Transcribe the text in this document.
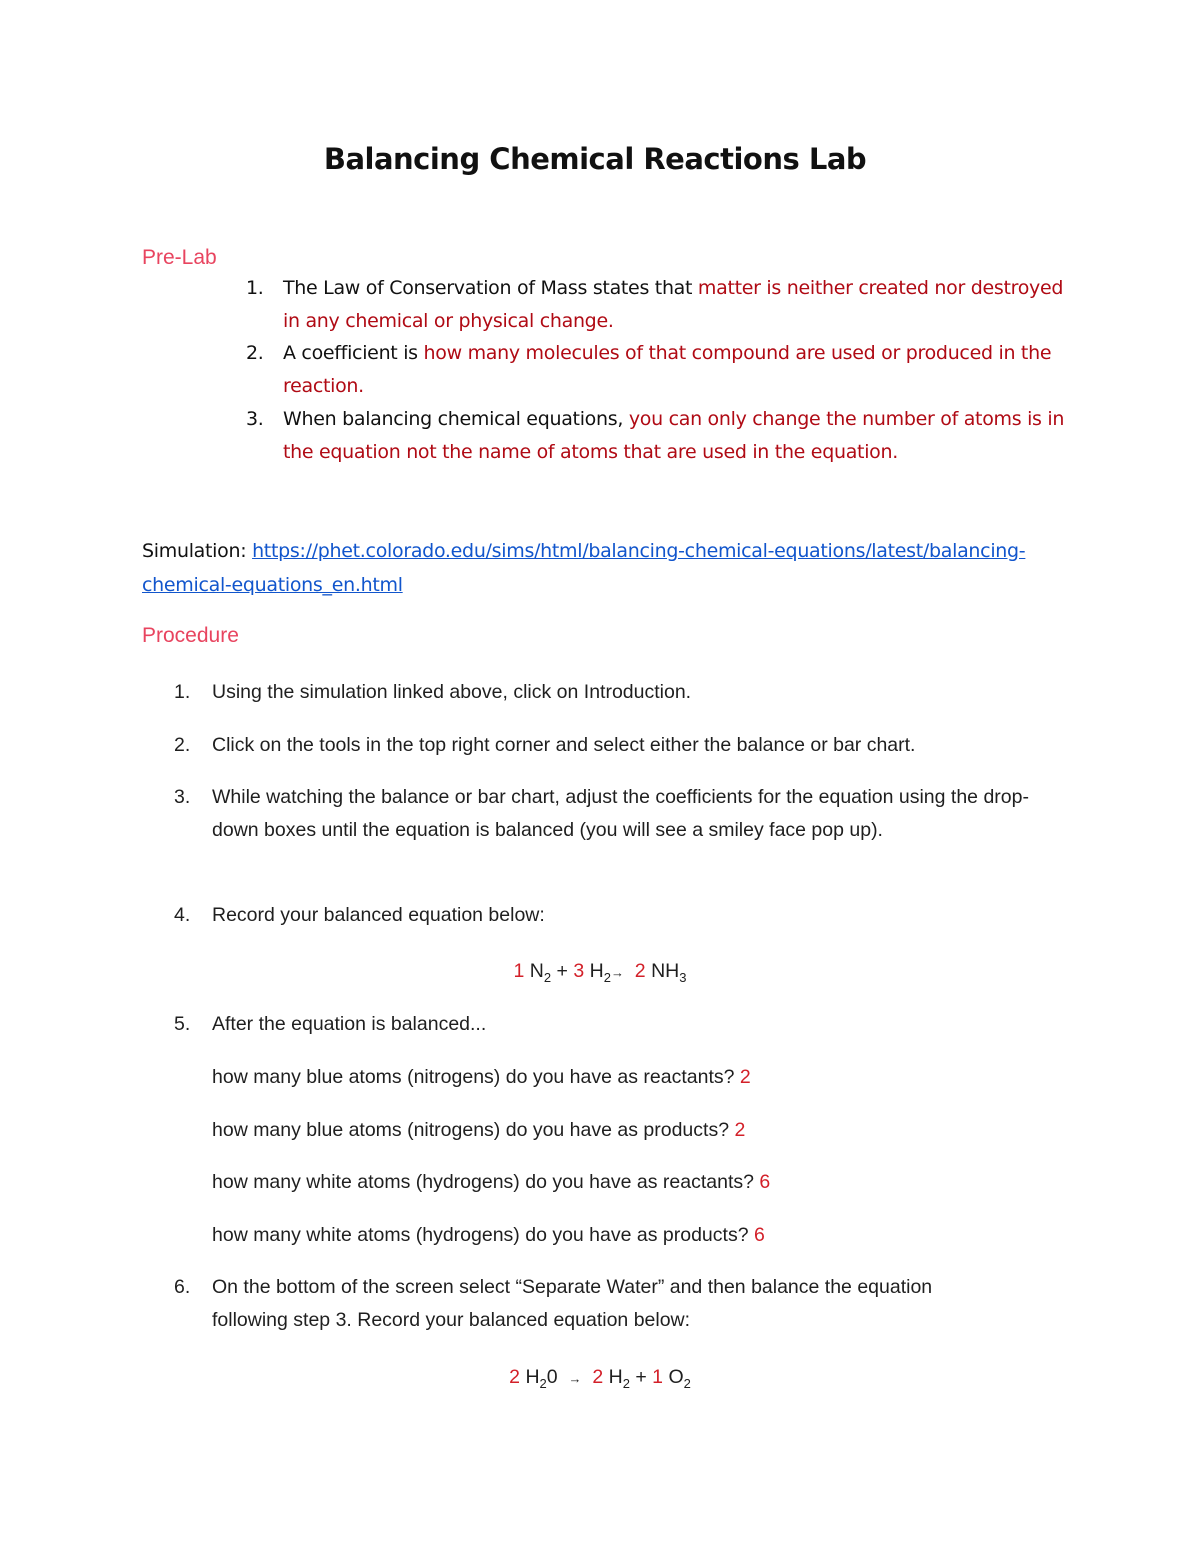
Balancing Chemical Reactions Lab
Pre-Lab
1. The Law of Conservation of Mass states that matter is neither created nor destroyed in any chemical or physical change.
2. A coefficient is how many molecules of that compound are used or produced in the reaction.
3. When balancing chemical equations, you can only change the number of atoms is in the equation not the name of atoms that are used in the equation.
Simulation: https://phet.colorado.edu/sims/html/balancing-chemical-equations/latest/balancing-chemical-equations_en.html
Procedure
1. Using the simulation linked above, click on Introduction.
2. Click on the tools in the top right corner and select either the balance or bar chart.
3. While watching the balance or bar chart, adjust the coefficients for the equation using the drop-down boxes until the equation is balanced (you will see a smiley face pop up).
4. Record your balanced equation below:
5. After the equation is balanced...
6. On the bottom of the screen select “Separate Water” and then balance the equation following step 3. Record your balanced equation below:
1 $N_2 + 3$ $H_2\to 2$ $NH_3$
how many blue atoms (nitrogens) do you have as reactants? 2
how many blue atoms (nitrogens) do you have as products? 2
how many white atoms (hydrogens) do you have as reactants? 6
how many white atoms (hydrogens) do you have as products? 6
2 $H_20 \to 2$ $H_2 + 1$ $O_2$
